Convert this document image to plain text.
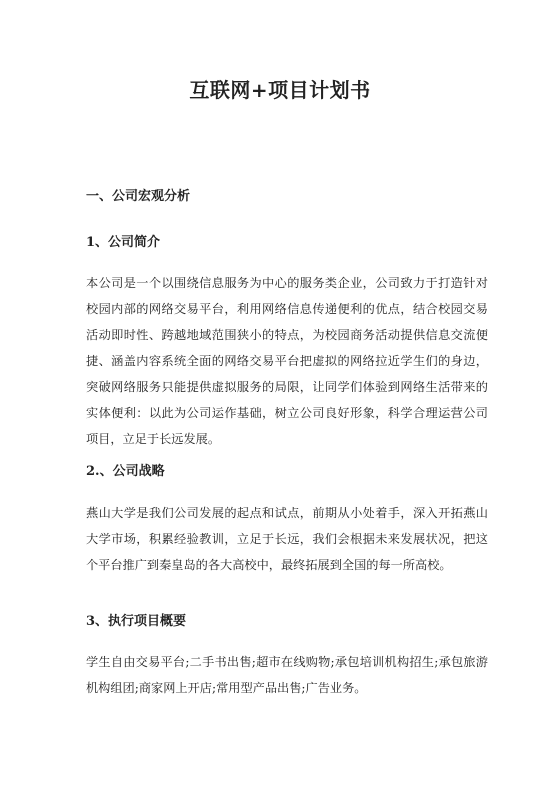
互联网+项目计划书
一、公司宏观分析
1、公司简介

本公司是一个以围绕信息服务为中心的服务类企业，公司致力于打造针对校园内部的网络交易平台，利用网络信息传递便利的优点，结合校园交易活动即时性、跨越地域范围狭小的特点，为校园商务活动提供信息交流便捷、涵盖内容系统全面的网络交易平台把虚拟的网络拉近学生们的身边，突破网络服务只能提供虚拟服务的局限，让同学们体验到网络生活带来的实体便利：以此为公司运作基础，树立公司良好形象，科学合理运营公司项目，立足于长远发展。

2.、公司战略

燕山大学是我们公司发展的起点和试点，前期从小处着手，深入开拓燕山大学市场，积累经验教训，立足于长远，我们会根据未来发展状况，把这个平台推广到秦皇岛的各大高校中，最终拓展到全国的每一所高校。

3、执行项目概要

学生自由交易平台;二手书出售;超市在线购物;承包培训机构招生;承包旅游机构组团;商家网上开店;常用型产品出售;广告业务。
